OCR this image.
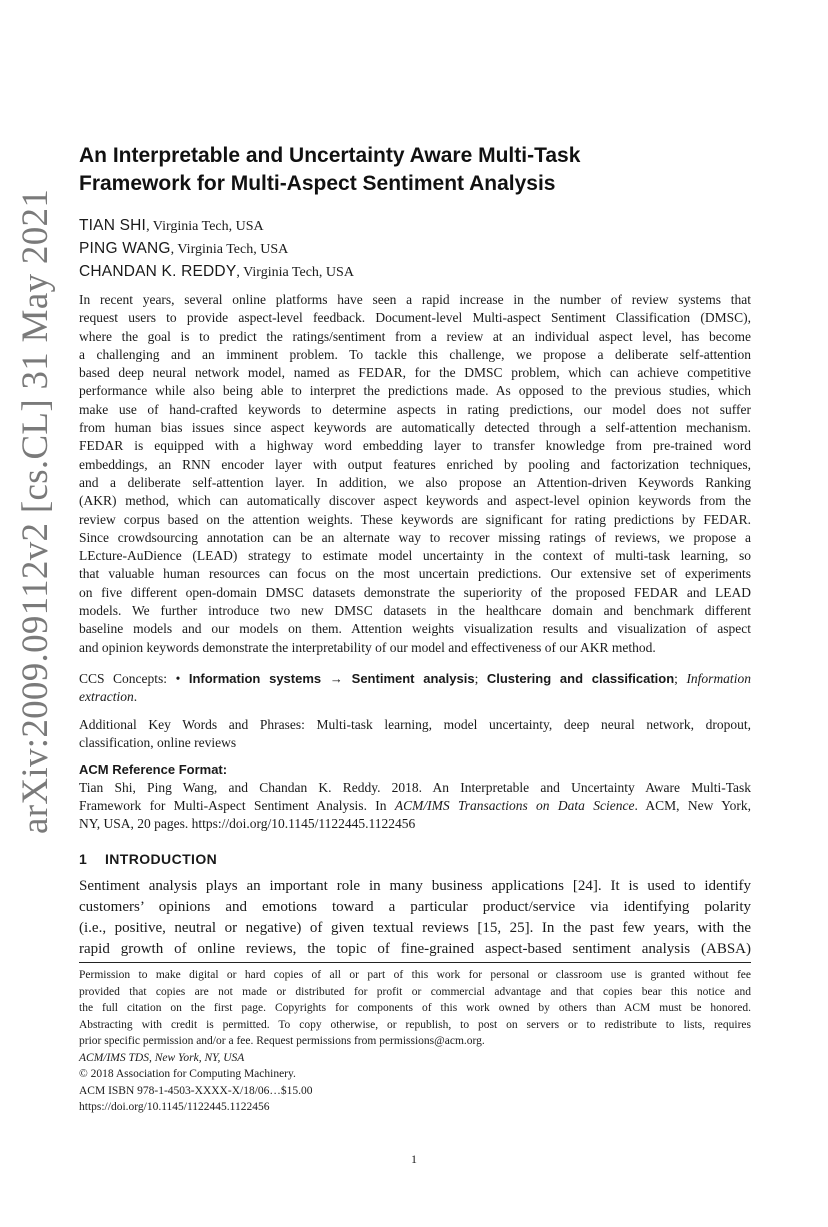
arXiv:2009.09112v2 [cs.CL] 31 May 2021
An Interpretable and Uncertainty Aware Multi-Task
Framework for Multi-Aspect Sentiment Analysis
TIAN SHI, Virginia Tech, USA
PING WANG, Virginia Tech, USA
CHANDAN K. REDDY, Virginia Tech, USA
In recent years, several online platforms have seen a rapid increase in the number of review systems that
request users to provide aspect-level feedback. Document-level Multi-aspect Sentiment Classification (DMSC),
where the goal is to predict the ratings/sentiment from a review at an individual aspect level, has become
a challenging and an imminent problem. To tackle this challenge, we propose a deliberate self-attention
based deep neural network model, named as FEDAR, for the DMSC problem, which can achieve competitive
performance while also being able to interpret the predictions made. As opposed to the previous studies, which
make use of hand-crafted keywords to determine aspects in rating predictions, our model does not suffer
from human bias issues since aspect keywords are automatically detected through a self-attention mechanism.
FEDAR is equipped with a highway word embedding layer to transfer knowledge from pre-trained word
embeddings, an RNN encoder layer with output features enriched by pooling and factorization techniques,
and a deliberate self-attention layer. In addition, we also propose an Attention-driven Keywords Ranking
(AKR) method, which can automatically discover aspect keywords and aspect-level opinion keywords from the
review corpus based on the attention weights. These keywords are significant for rating predictions by FEDAR.
Since crowdsourcing annotation can be an alternate way to recover missing ratings of reviews, we propose a
LEcture-AuDience (LEAD) strategy to estimate model uncertainty in the context of multi-task learning, so
that valuable human resources can focus on the most uncertain predictions. Our extensive set of experiments
on five different open-domain DMSC datasets demonstrate the superiority of the proposed FEDAR and LEAD
models. We further introduce two new DMSC datasets in the healthcare domain and benchmark different
baseline models and our models on them. Attention weights visualization results and visualization of aspect
and opinion keywords demonstrate the interpretability of our model and effectiveness of our AKR method.
CCS Concepts: • Information systems → Sentiment analysis; Clustering and classification; Information
extraction.
Additional Key Words and Phrases: Multi-task learning, model uncertainty, deep neural network, dropout,
classification, online reviews
ACM Reference Format:
Tian Shi, Ping Wang, and Chandan K. Reddy. 2018. An Interpretable and Uncertainty Aware Multi-Task
Framework for Multi-Aspect Sentiment Analysis. In ACM/IMS Transactions on Data Science. ACM, New York,
NY, USA, 20 pages. https://doi.org/10.1145/1122445.1122456
1 INTRODUCTION
Sentiment analysis plays an important role in many business applications [24]. It is used to identify
customers’ opinions and emotions toward a particular product/service via identifying polarity
(i.e., positive, neutral or negative) of given textual reviews [15, 25]. In the past few years, with the
rapid growth of online reviews, the topic of fine-grained aspect-based sentiment analysis (ABSA)
Permission to make digital or hard copies of all or part of this work for personal or classroom use is granted without fee
provided that copies are not made or distributed for profit or commercial advantage and that copies bear this notice and
the full citation on the first page. Copyrights for components of this work owned by others than ACM must be honored.
Abstracting with credit is permitted. To copy otherwise, or republish, to post on servers or to redistribute to lists, requires
prior specific permission and/or a fee. Request permissions from permissions@acm.org.
ACM/IMS TDS, New York, NY, USA
© 2018 Association for Computing Machinery.
ACM ISBN 978-1-4503-XXXX-X/18/06…$15.00
https://doi.org/10.1145/1122445.1122456
1
